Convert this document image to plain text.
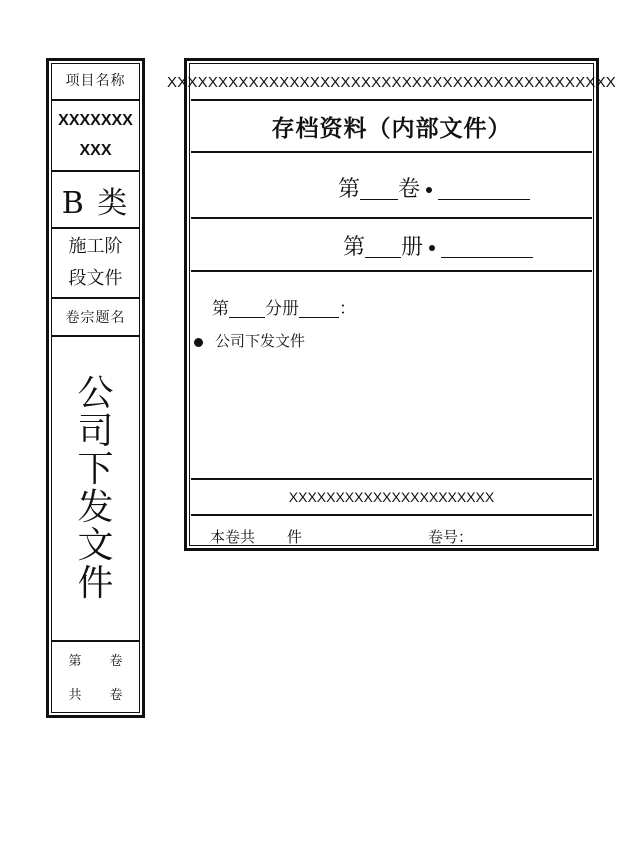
项目名称
XXXXXXX
XXX
B 类
施工阶
段文件
卷宗题名
公
司
下
发
文
件
第 卷
共 卷
XXXXXXXXXXXXXXXXXXXXXXXXXXXXXXXXXXXXXXXXXXXX
存档资料（内部文件）
第 卷
第 册
第 分册 ：
公司下发文件
XXXXXXXXXXXXXXXXXXXXXX
本卷共 件	卷号：
